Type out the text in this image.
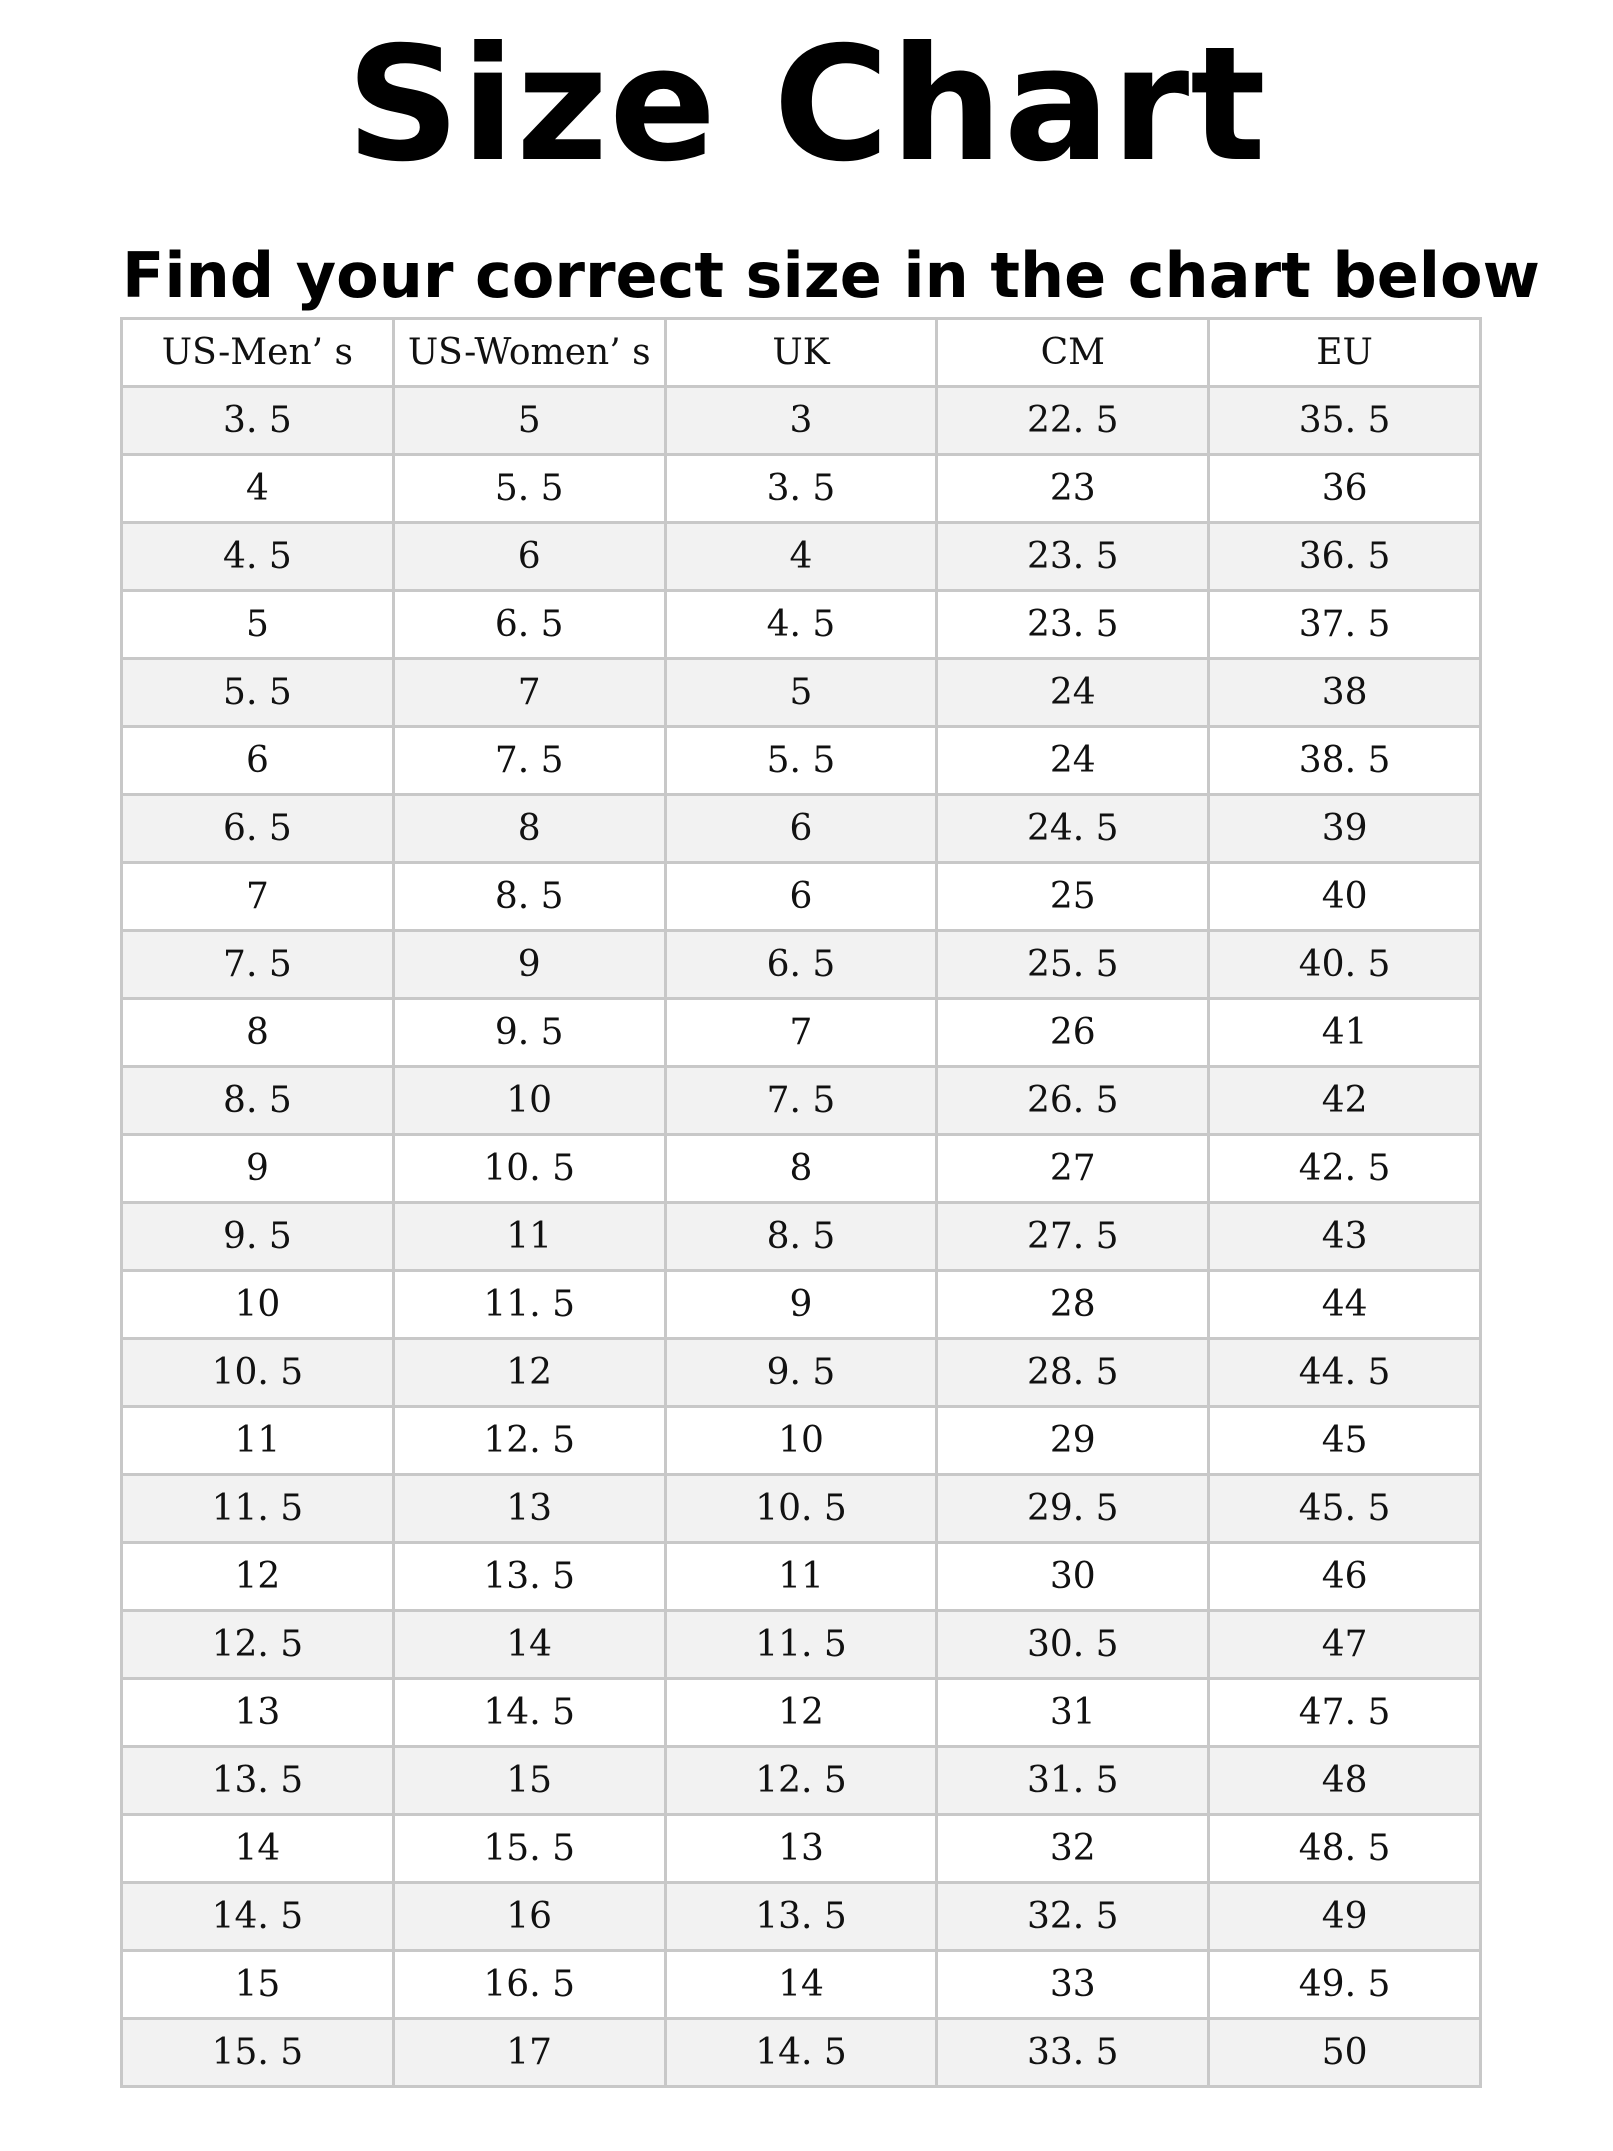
Size Chart
Find your correct size in the chart below
US-Men’ s	US-Women’ s	UK	CM	EU
3. 5	5	3	22. 5	35. 5
4	5. 5	3. 5	23	36
4. 5	6	4	23. 5	36. 5
5	6. 5	4. 5	23. 5	37. 5
5. 5	7	5	24	38
6	7. 5	5. 5	24	38. 5
6. 5	8	6	24. 5	39
7	8. 5	6	25	40
7. 5	9	6. 5	25. 5	40. 5
8	9. 5	7	26	41
8. 5	10	7. 5	26. 5	42
9	10. 5	8	27	42. 5
9. 5	11	8. 5	27. 5	43
10	11. 5	9	28	44
10. 5	12	9. 5	28. 5	44. 5
11	12. 5	10	29	45
11. 5	13	10. 5	29. 5	45. 5
12	13. 5	11	30	46
12. 5	14	11. 5	30. 5	47
13	14. 5	12	31	47. 5
13. 5	15	12. 5	31. 5	48
14	15. 5	13	32	48. 5
14. 5	16	13. 5	32. 5	49
15	16. 5	14	33	49. 5
15. 5	17	14. 5	33. 5	50
